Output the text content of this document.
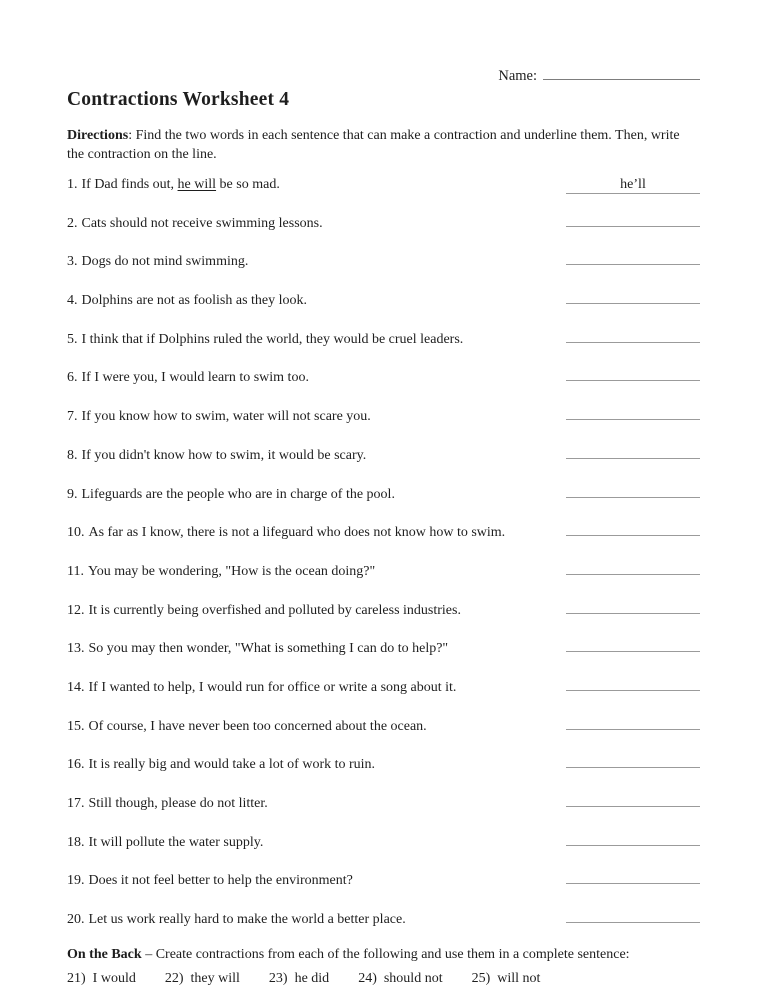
Name:
Contractions Worksheet 4

Directions: Find the two words in each sentence that can make a contraction and underline them. Then, write the contraction on the line.

1. If Dad finds out, he will be so mad.	he’ll
2. Cats should not receive swimming lessons.
3. Dogs do not mind swimming.
4. Dolphins are not as foolish as they look.
5. I think that if Dolphins ruled the world, they would be cruel leaders.
6. If I were you, I would learn to swim too.
7. If you know how to swim, water will not scare you.
8. If you didn't know how to swim, it would be scary.
9. Lifeguards are the people who are in charge of the pool.
10. As far as I know, there is not a lifeguard who does not know how to swim.
11. You may be wondering, "How is the ocean doing?"
12. It is currently being overfished and polluted by careless industries.
13. So you may then wonder, "What is something I can do to help?"
14. If I wanted to help, I would run for office or write a song about it.
15. Of course, I have never been too concerned about the ocean.
16. It is really big and would take a lot of work to ruin.
17. Still though, please do not litter.
18. It will pollute the water supply.
19. Does it not feel better to help the environment?
20. Let us work really hard to make the world a better place.

On the Back – Create contractions from each of the following and use them in a complete sentence:

21) I would 22) they will 23) he did 24) should not 25) will not
